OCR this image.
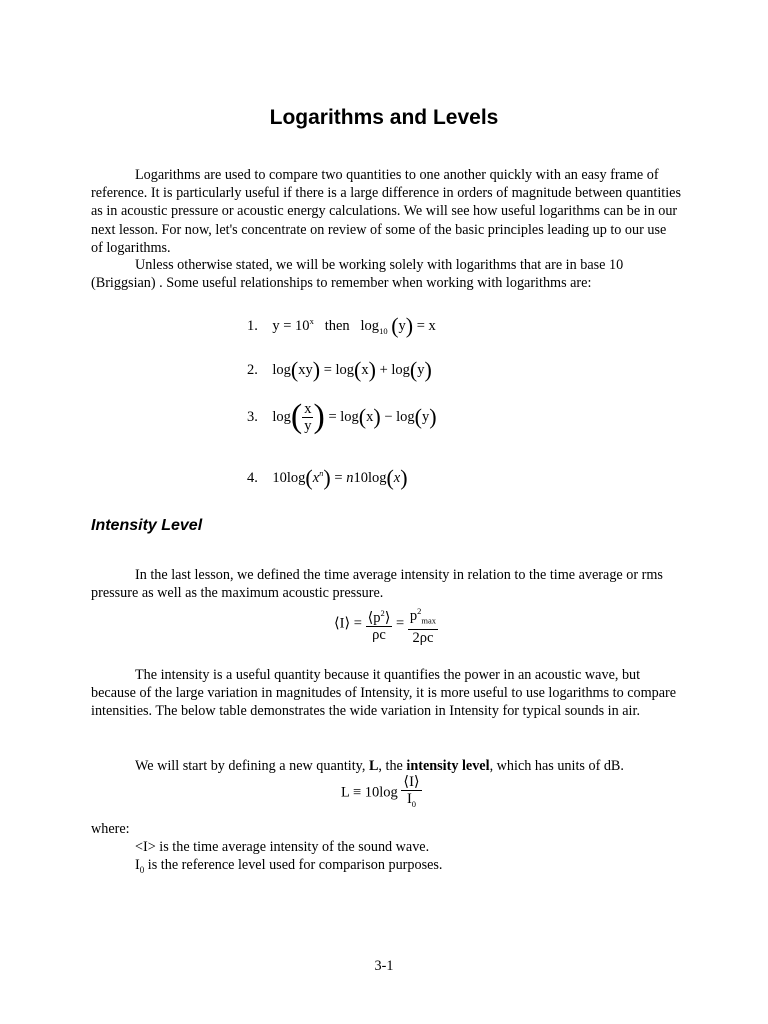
Logarithms and Levels

Logarithms are used to compare two quantities to one another quickly with an easy frame of reference. It is particularly useful if there is a large difference in orders of magnitude between quantities as in acoustic pressure or acoustic energy calculations. We will see how useful logarithms can be in our next lesson. For now, let's concentrate on review of some of the basic principles leading up to our use of logarithms.

Unless otherwise stated, we will be working solely with logarithms that are in base 10 (Briggsian) . Some useful relationships to remember when working with logarithms are:

1.    $y = 10^x$   then   $\log_{10} (y) = x$
2.    log(xy) = log(x) + log(y)
3.    $\log( \frac{x}{y}$ ) = log(x) − log(y)
4.    $10\log(x^n) = n10\log(x)$
Intensity Level

In the last lesson, we defined the time average intensity in relation to the time average or rms pressure as well as the maximum acoustic pressure.

⟨I⟩ = $\frac{⟨p^2⟩}{\rho c} = \frac{p^2_{max}}{2\rho c}$

The intensity is a useful quantity because it quantifies the power in an acoustic wave, but because of the large variation in magnitudes of Intensity, it is more useful to use logarithms to compare intensities. The below table demonstrates the wide variation in Intensity for typical sounds in air.

We will start by defining a new quantity, L, the intensity level, which has units of dB.

$L \equiv 10\log \frac{⟨I⟩}{I_0}$
where:
<I> is the time average intensity of the sound wave.
$I_0$ is the reference level used for comparison purposes.
3-1
